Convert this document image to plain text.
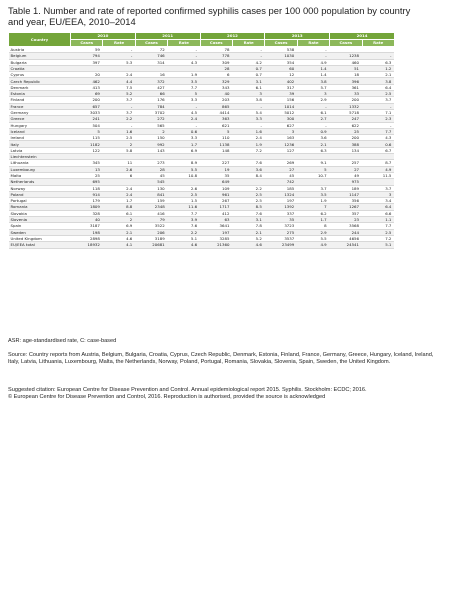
Table 1. Number and rate of reported confirmed syphilis cases per 100 000 population by country and year, EU/EEA, 2010–2014
Country	2010		2011		2012		2013		2014	
	Cases	Rate	Cases	Rate	Cases	Rate	Cases	Rate	Cases	Rate
Austria	59	-	72	-	78	-	538	-		
Belgium	794	-	746	-	778	-	1030	-	1238	-
Bulgaria	397	5.3	314	4.3	309	4.2	354	4.9	460	6.3
Croatia					28	0.7	60	1.4	51	1.2
Cyprus	20	2.4	16	1.9	6	0.7	12	1.4	18	2.1
Czech Republic	462	4.4	372	3.5	329	3.1	402	3.8	396	3.8
Denmark	413	7.5	427	7.7	343	6.1	317	5.7	361	6.4
Estonia	69	5.2	66	5	40	3	39	3	33	2.5
Finland	200	3.7	176	3.3	203	3.8	156	2.9	200	3.7
France	657	-	784	-	865	-	1014	-	1332	-
Germany	3033	3.7	3702	4.5	4414	5.4	5012	6.1	5718	7.1
Greece	241	2.2	272	2.4	363	3.3	300	2.7	247	2.3
Hungary	504	-	565	-	621	-	627	-	622	-
Iceland	5	1.6	2	0.6	5	1.6	3	0.9	25	7.7
Ireland	115	2.5	150	3.3	110	2.4	163	3.6	200	4.3
Italy	1182	2	992	1.7	1138	1.9	1236	2.1	388	0.6
Latvia	122	5.8	143	6.9	148	7.2	127	6.3	134	6.7
Liechtenstein										
Lithuania	345	11	273	8.9	227	7.6	269	9.1	257	8.7
Luxembourg	13	2.6	28	5.5	19	3.6	27	5	27	4.9
Malta	25	6	45	10.8	35	8.4	45	10.7	49	11.5
Netherlands	695		545		649		742		975	
Norway	118	2.4	130	2.6	109	2.2	185	3.7	189	3.7
Poland	914	2.4	841	2.5	961	2.5	1324	3.5	1147	3
Portugal	179	1.7	159	1.5	267	2.5	197	1.9	356	3.4
Romania	1809	8.8	2348	11.6	1717	8.5	1392	7	1267	6.4
Slovakia	328	6.1	416	7.7	412	7.6	337	6.2	357	6.6
Slovenia	40	2	79	3.9	63	3.1	35	1.7	23	1.1
Spain	3187	6.9	3522	7.6	3641	7.8	3723	8	3568	7.7
Sweden	198	2.1	206	2.2	197	2.1	275	2.9	244	2.5
United Kingdom	2898	4.6	3189	5.1	3285	5.2	3537	5.5	4656	7.2
EU/EEA total	18932	4.1	20681	4.6	21360	4.6	23499	4.9	24541	5.1
ASR: age-standardised rate, C: case-based
Source: Country reports from Austria, Belgium, Bulgaria, Croatia, Cyprus, Czech Republic, Denmark, Estonia, Finland, France, Germany, Greece, Hungary, Iceland, Ireland, Italy, Latvia, Lithuania, Luxembourg, Malta, the Netherlands, Norway, Poland, Portugal, Romania, Slovakia, Slovenia, Spain, Sweden, the United Kingdom.
Suggested citation: European Centre for Disease Prevention and Control. Annual epidemiological report 2015. Syphilis. Stockholm: ECDC; 2016.
© European Centre for Disease Prevention and Control, 2016. Reproduction is authorised, provided the source is acknowledged
